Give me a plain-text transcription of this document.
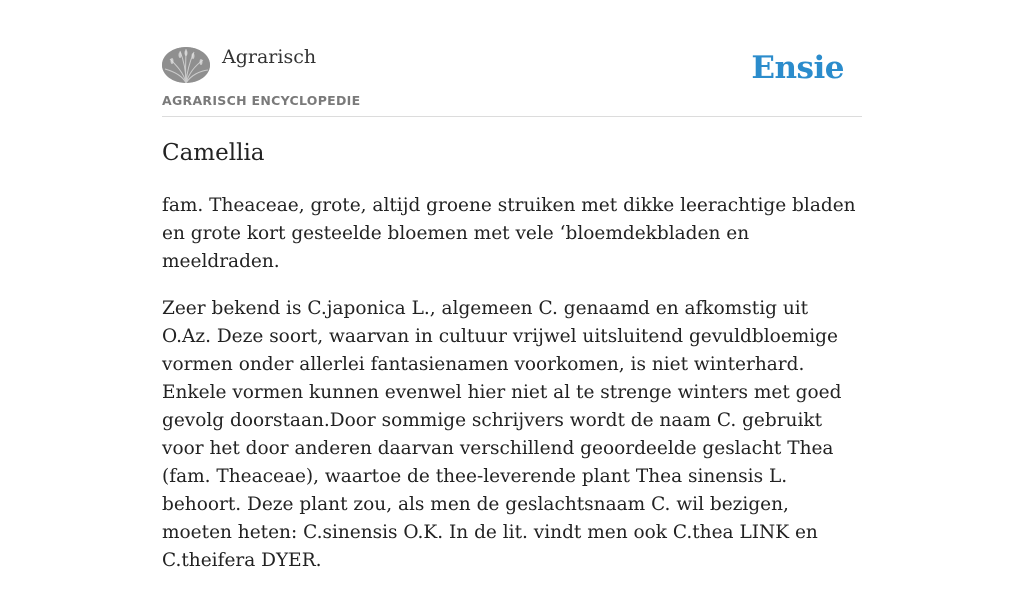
Agrarisch
AGRARISCH ENCYCLOPEDIE
Ensie
Camellia

fam. Theaceae, grote, altijd groene struiken met dikke leerachtige bladen en grote kort gesteelde bloemen met vele ‘bloemdekbladen en meeldraden.

Zeer bekend is C.japonica L., algemeen C. genaamd en afkomstig uit O.Az. Deze soort, waarvan in cultuur vrijwel uitsluitend gevuldbloemige vormen onder allerlei fantasienamen voorkomen, is niet winterhard. Enkele vormen kunnen evenwel hier niet al te strenge winters met goed gevolg doorstaan.Door sommige schrijvers wordt de naam C. gebruikt voor het door anderen daarvan verschillend geoordeelde geslacht Thea (fam. Theaceae), waartoe de thee-leverende plant Thea sinensis L. behoort. Deze plant zou, als men de geslachtsnaam C. wil bezigen, moeten heten: C.sinensis O.K. In de lit. vindt men ook C.thea LINK en C.theifera DYER.
